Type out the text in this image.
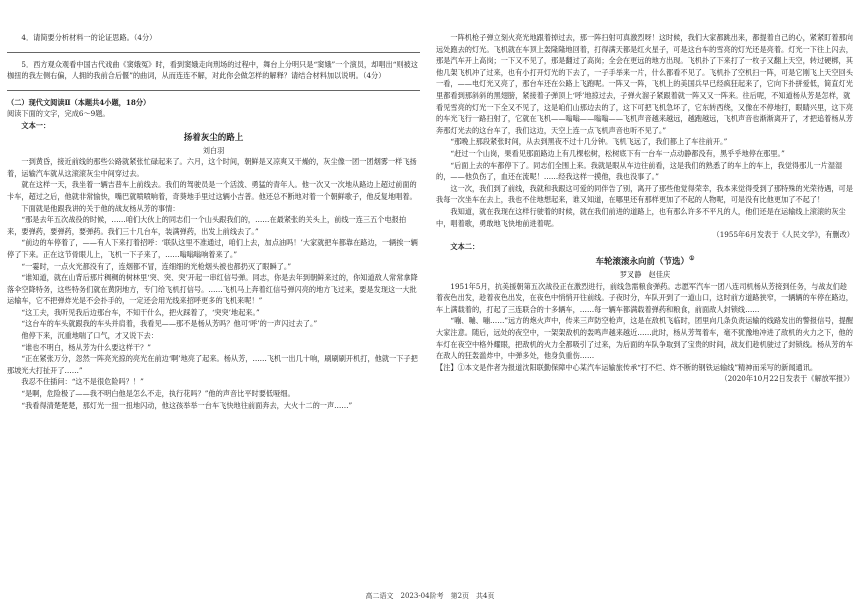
4．请简要分析材料一的论证思路。（4分）

5．西方观众观看中国古代戏曲《窦娥冤》时，看到窦娥走向刑场的过程中，舞台上分明只是“窦娥”一个演员，却唱出“则被这枷扭的我左侧右偏，人拥的我前合后偃”的曲词，从而连连不解，对此你会做怎样的解释？请结合材料加以说明。（4分）

（二）现代文阅读Ⅱ（本题共4小题，18分）

阅读下面的文字，完成6～9题。

文本一：

扬着灰尘的路上

刘白羽

一到黄昏，接近前线的那些公路就紧张忙碌起来了。六月，这个时间，朝鲜是又凉爽又干燥的，灰尘像一团一团烟雾一样飞扬着，运输汽车就从这滚滚灰尘中间穿过去。

就在这样一天，我坐着一辆吉普车上前线去。我们的驾驶员是一个活泼、勇猛的青年人。他一次又一次地从路边上超过前面的卡车，超过之后，他就非常愉快，嘴巴就喷喷响着，奇葵地手里过这辆小吉普。他还总不断地对着一个朝鲜歌子，他反复地唱着。

下面就是他跟我讲的关于他的战友杨从芳的事情：

“那是去年五次战役的时候，……咱们大伙上的同志们一个山头跟我们的，……在最紧张的关头上，前线一连三五个电报拍来，要弹药，要弹药，要弹药。我们三十几台车，装满弹药，出发上前线去了。”

“前边的车停着了，——有人下来打着招呼：‘联队这里不准通过，咱们上去，加点油吗！’大家就把车都靠在路边，一辆挨一辆停了下来。正在这节骨眼儿上，飞机一下子来了，……嗡嗡嗡响着来了。”

“一霎时，一点火光都没有了，连烟都不冒，连细细的光枪烟头被也都扔灭了眼瞬了。”

“谁知道，就在山背后那片稠稠的树林里‘突、突、突’开起一串红信号弹。同志，你是去年到朝鲜来过的，你知道敌人常常拿降落伞空降特务，这些特务们就在黄阴地方，专门给飞机打信号。……飞机马上奔着红信号弹闪亮的地方飞过来，要是发现这一大批运输车，它不把弹炸光是不会扑手的，一定还会用光线来招呼更多的飞机来呢！”

“这工夫，我听见我后边那台车，不知干什么，把火踩着了，‘突突’地起来。”

“这台车的车头就跟我的车头并肩着，我看见——那不是杨从芳吗？他可‘呼’的一声闪过去了。”

他停下来，沉重地喘了口气，才又说下去：

“谁也不明白，杨从芳为什么要这样干？”

“正在紧张万分，忽然一阵亮光掠的亮光在前边‘啊’地亮了起来。杨从芳，……飞机一出几十响，刷刷刷开机打，他就一下子把那坡光大打扯开了……”

我忍不住插问：“这不是很危险吗？！”

“是啊，危险极了——我不明白他是怎么不走，执行花吗？”他的声音比平时要低哑细。

“我看得清楚楚楚，那灯光一扭一扭地闪动，他这孩举举一台车飞快地往前面奔去，大火十二的一声……”

一阵机枪子弹立刻火亮光地跟着掉过去，那一阵扫射可真激烈呀！这时候，我们大家都跳出来，都提着自己的心，紧紧盯着那向远处跑去的灯光。飞机就在车顶上轰隆隆地回着，打得满天都是红火星子，可是这台车的雪亮的灯光还是亮着。灯光一下往上闪去，那是汽车开上高岗；一下又不见了，那是翻过了高岗；全会在更远的地方出现。飞机扑了下来打了一枚子又翻上天空，转过硬梆，其他几架飞机冲了过来，也有小打开灯光的下去了，一子手举来一片，什么都看不见了。飞机扑了空机扫一阵，可是它刚飞上天空回头一看，——电灯光又亮了，那台车还在公路上飞跑呢。一阵又一阵，飞机上的美国兵早已经疯狂起来了，它向下扑拼爱低，简直灯光里都看到那斜斜的黑翅膀，紧接着子弹顶上‘呼’地掠过去，子弹火溜子紧跟着就一阵又又一阵来。往后呢，不知道杨从芳是怎样，就看见雪亮的灯光一下全又不见了，这是咱们山那边去的了，这下可把飞机急坏了，它东转西绕，又像在不停地打，眼睛兴里，这下亮的车光飞行一路扫射了，它就在飞机——嗡嗡——嗡嗡——飞机声音越来越远，越跑越远，飞机声音也渐渐离开了，才把追着杨从芳奔那灯光去的这台车了，我们这边，天空上连一点飞机声音也听不见了。”

“那晚上那段紧张时间，从去到黑夜不过十几分钟。飞机飞远了，我们都上了车往前开。”

“赶过一个山岗，果看见那面路边上有几棵松树，松树底下有一台车一点动静都没有，黑乎乎地停在那里。”

“后面上去的车都停下了。同志们全围上来。我就是眼从车边往前看，这是我们的熟悉了的车上的车上，我觉得那儿一片湿湿的，——他负伤了，血还在流呢！……经我这样一摸他，我也没事了。”

这一次，我们到了前线，我就和我跟这可爱的同伴告了别，离开了那些他觉得荣幸，我本来觉得受到了那特殊的光荣待遇，可是我每一次坐车在去上，我也不住地想起来，谁又知道，在哪里还有那样更加了不起的人物呢，可是没有比他更加了不起了！

我知道，就在我现在这样行驶着的时候，就在我们前进的道路上，也有那么许多不平凡的人，他们还是在运输线上滚滚的灰尘中，唱着歌，勇敢地飞快地前进着呢。

（1955年6月发表于《人民文学》，有删改）

文本二：

车轮滚滚永向前（节选）①

罗叉静　赵佳庆

1951年5月，抗美援朝第五次战役正在激烈进行，前线急需粮食弹药。志愿军汽车一团八连司机杨从芳接到任务，与战友们趁着夜色出发，趁着夜色出发，在夜色中悄悄开往前线。子夜时分，车队开到了一道山口，这时前方道路狭窄，一辆辆的车停在路边，车上满载着的，打起了三连联合的十多辆车，……每一辆车都满载着弹药和粮食，前面敌人封锁线……

“嘣、嘣、嘣……”远方的炮火声中，传来三声防空枪声，这是在敌机飞临时，团里向几条负责运输的线路发出的警报信号，提醒大家注意。随后，远处的夜空中，一架架敌机的轰鸣声越来越近……此时，杨从芳驾着车，毫不犹豫地冲进了敌机的火力之下，他的车灯在夜空中格外耀眼，把敌机的火力全都吸引了过来，为后面的车队争取到了宝贵的时间，战友们趁机驶过了封锁线。杨从芳的车在敌人的狂轰滥炸中，中弹多处，他身负重伤……

【注】①本文是作者为报道沈阳联勤保障中心某汽车运输旅传承“打不烂、炸不断的钢铁运输线”精神而采写的新闻通讯。

（2020年10月22日发表于《解放军报》）

高二语文　2023-04阶考　第2页　共4页
